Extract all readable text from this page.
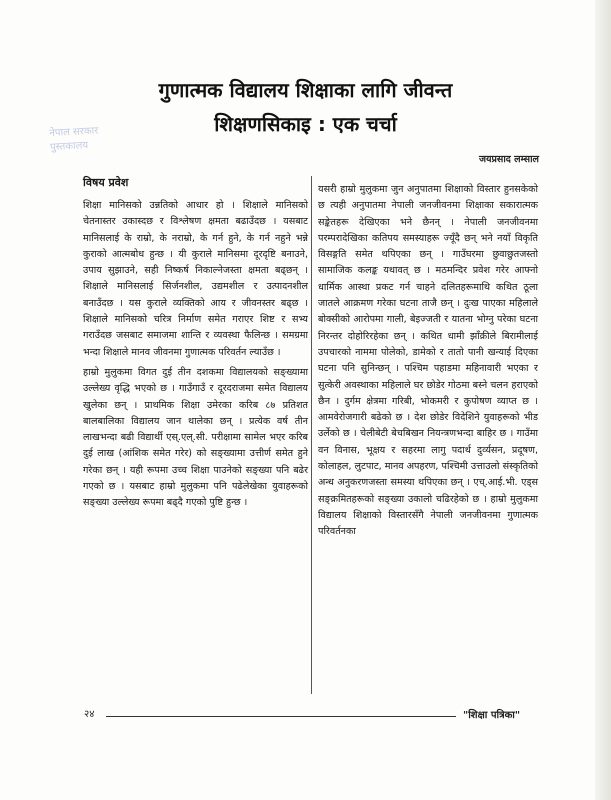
नेपाल सरकार
पुस्तकालय
गुणात्मक विद्यालय शिक्षाका लागि जीवन्त
शिक्षणसिकाइ : एक चर्चा
जयप्रसाद लम्साल
विषय प्रवेश

शिक्षा मानिसको उन्नतिको आधार हो । शिक्षाले मानिसको चेतनास्तर उकास्दछ र विश्लेषण क्षमता बढाउँदछ । यसबाट मानिसलाई के राम्रो, के नराम्रो, के गर्न हुने, के गर्न नहुने भन्ने कुराको आत्मबोध हुन्छ । यी कुराले मानिसमा दूरदृष्टि बनाउने, उपाय सुझाउने, सही निष्कर्ष निकाल्नेजस्ता क्षमता बढ्छन् । शिक्षाले मानिसलाई सिर्जनशील, उद्यमशील र उत्पादनशील बनाउँदछ । यस कुराले व्यक्तिको आय र जीवनस्तर बढ्छ । शिक्षाले मानिसको चरित्र निर्माण समेत गराएर शिष्ट र सभ्य गराउँदछ जसबाट समाजमा शान्ति र व्यवस्था फैलिन्छ । समग्रमा भन्दा शिक्षाले मानव जीवनमा गुणात्मक परिवर्तन ल्याउँछ ।

हाम्रो मुलुकमा विगत दुई तीन दशकमा विद्यालयको सङ्ख्यामा उल्लेख्य वृद्धि भएको छ । गाउँगाउँ र दूरदराजमा समेत विद्यालय खुलेका छन् । प्राथमिक शिक्षा उमेरका करिब ८७ प्रतिशत बालबालिका विद्यालय जान थालेका छन् । प्रत्येक वर्ष तीन लाखभन्दा बढी विद्यार्थी एस्.एल्.सी. परीक्षामा सामेल भएर करिब दुई लाख (आंशिक समेत गरेर) को सङ्ख्यामा उत्तीर्ण समेत हुने गरेका छन् । यही रूपमा उच्च शिक्षा पाउनेको सङ्ख्या पनि बढेर गएको छ । यसबाट हाम्रो मुलुकमा पनि पढेलेखेका युवाहरूको सङ्ख्या उल्लेख्य रूपमा बढ्दै गएको पुष्टि हुन्छ ।

यसरी हाम्रो मुलुकमा जुन अनुपातमा शिक्षाको विस्तार हुनसकेको छ त्यही अनुपातमा नेपाली जनजीवनमा शिक्षाका सकारात्मक सङ्केतहरू देखिएका भने छैनन् । नेपाली जनजीवनमा परम्परादेखिका कतिपय समस्याहरू ज्यूँदै छन् भने नयाँ विकृति विसङ्गति समेत थपिएका छन् । गाउँघरमा छुवाछुतजस्तो सामाजिक कलङ्क यथावत् छ । मठमन्दिर प्रवेश गरेर आफ्नो धार्मिक आस्था प्रकट गर्न चाहने दलितहरूमाथि कथित ठूला जातले आक्रमण गरेका घटना ताजै छन् । दुःख पाएका महिलाले बोक्सीको आरोपमा गाली, बेइज्जती र यातना भोग्नु परेका घटना निरन्तर दोहोरिरहेका छन् । कथित धामी झाँक्रीले बिरामीलाई उपचारको नाममा पोलेको, डामेको र तातो पानी खन्याई दिएका घटना पनि सुनिन्छन् । पश्चिम पहाडमा महिनावारी भएका र सुत्केरी अवस्थाका महिलाले घर छोडेर गोठमा बस्ने चलन हराएको छैन । दुर्गम क्षेत्रमा गरिबी, भोकमरी र कुपोषण व्याप्त छ । आमवेरोजगारी बढेको छ । देश छोडेर विदेशिने युवाहरूको भीड उर्लेको छ । चेलीबेटी बेचबिखन नियन्त्रणभन्दा बाहिर छ । गाउँमा वन विनास, भूक्षय र सहरमा लागु पदार्थ दुर्व्यसन, प्रदूषण, कोलाहल, लुटपाट, मानव अपहरण, पश्चिमी उत्ताउलो संस्कृतिको अन्ध अनुकरणजस्ता समस्या थपिएका छन् । एच्.आई.भी. एड्स सङ्क्रमितहरूको सङ्ख्या उकालो चढिरहेको छ । हाम्रो मुलुकमा विद्यालय शिक्षाको विस्तारसँगै नेपाली जनजीवनमा गुणात्मक परिवर्तनका

२४	"शिक्षा पत्रिका"
